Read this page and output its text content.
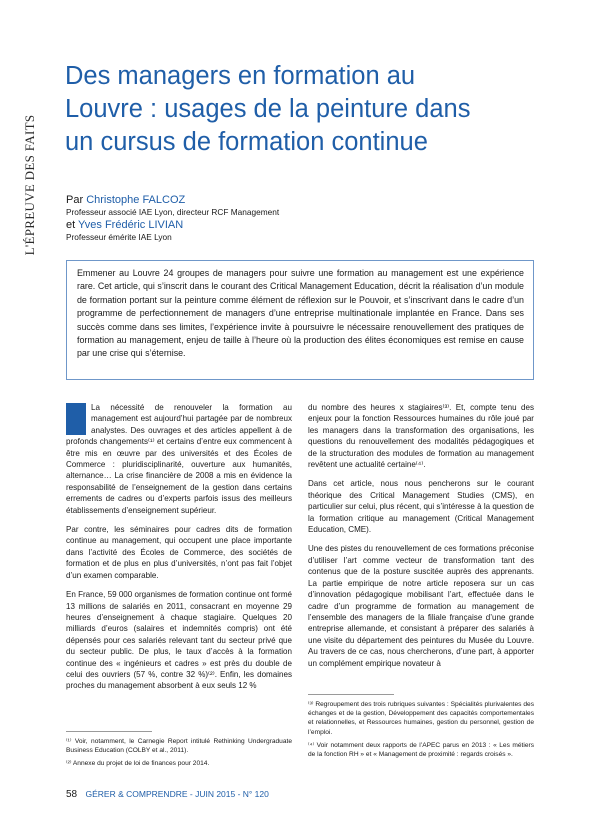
L'ÉPREUVE DES FAITS
Des managers en formation au
Louvre : usages de la peinture dans
un cursus de formation continue
Par Christophe FALCOZ
Professeur associé IAE Lyon, directeur RCF Management
et Yves Frédéric LIVIAN
Professeur émérite IAE Lyon

Emmener au Louvre 24 groupes de managers pour suivre une formation au management est une expérience rare. Cet article, qui s’inscrit dans le courant des Critical Management Education, décrit la réalisation d’un module de formation portant sur la peinture comme élément de réflexion sur le Pouvoir, et s’inscrivant dans le cadre d’un programme de perfectionnement de managers d’une entreprise multinationale implantée en France. Dans ses succès comme dans ses limites, l’expérience invite à poursuivre le nécessaire renouvellement des pratiques de formation au management, enjeu de taille à l’heure où la production des élites économiques est remise en cause par une crise qui s’éternise.

La nécessité de renouveler la formation au management est aujourd’hui partagée par de nombreux analystes. Des ouvrages et des articles appellent à de profonds changements⁽¹⁾ et certains d’entre eux commencent à être mis en œuvre par des universités et des Écoles de Commerce : pluridisciplinarité, ouverture aux humanités, alternance… La crise financière de 2008 a mis en évidence la responsabilité de l’enseignement de la gestion dans certains errements de cadres ou d’experts parfois issus des meilleurs établissements d’enseignement supérieur.

Par contre, les séminaires pour cadres dits de formation continue au management, qui occupent une place importante dans l’activité des Écoles de Commerce, des sociétés de formation et de plus en plus d’universités, n’ont pas fait l’objet d’un examen comparable.

En France, 59 000 organismes de formation continue ont formé 13 millions de salariés en 2011, consacrant en moyenne 29 heures d’enseignement à chaque stagiaire. Quelques 20 milliards d’euros (salaires et indemnités compris) ont été dépensés pour ces salariés relevant tant du secteur privé que du secteur public. De plus, le taux d’accès à la formation continue des « ingénieurs et cadres » est près du double de celui des ouvriers (57 %, contre 32 %)⁽²⁾. Enfin, les domaines proches du management absorbent à eux seuls 12 %

⁽¹⁾ Voir, notamment, le Carnegie Report intitulé Rethinking Undergraduate Business Education (COLBY et al., 2011).

⁽²⁾ Annexe du projet de loi de finances pour 2014.

du nombre des heures x stagiaires⁽³⁾. Et, compte tenu des enjeux pour la fonction Ressources humaines du rôle joué par les managers dans la transformation des organisations, les questions du renouvellement des modalités pédagogiques et de la structuration des modules de formation au management revêtent une actualité certaine⁽⁴⁾.

Dans cet article, nous nous pencherons sur le courant théorique des Critical Management Studies (CMS), en particulier sur celui, plus récent, qui s’intéresse à la question de la formation critique au management (Critical Management Education, CME).

Une des pistes du renouvellement de ces formations préconise d’utiliser l’art comme vecteur de transformation tant des contenus que de la posture suscitée auprès des apprenants. La partie empirique de notre article reposera sur un cas d’innovation pédagogique mobilisant l’art, effectuée dans le cadre d’un programme de formation au management de l’ensemble des managers de la filiale française d’une grande entreprise allemande, et consistant à préparer des salariés à une visite du département des peintures du Musée du Louvre. Au travers de ce cas, nous chercherons, d’une part, à apporter un complément empirique novateur à

⁽³⁾ Regroupement des trois rubriques suivantes : Spécialités plurivalentes des échanges et de la gestion, Développement des capacités comportementales et relationnelles, et Ressources humaines, gestion du personnel, gestion de l’emploi.

⁽⁴⁾ Voir notamment deux rapports de l’APEC parus en 2013 : « Les métiers de la fonction RH » et « Management de proximité : regards croisés ».

58 GÉRER & COMPRENDRE - JUIN 2015 - N° 120
